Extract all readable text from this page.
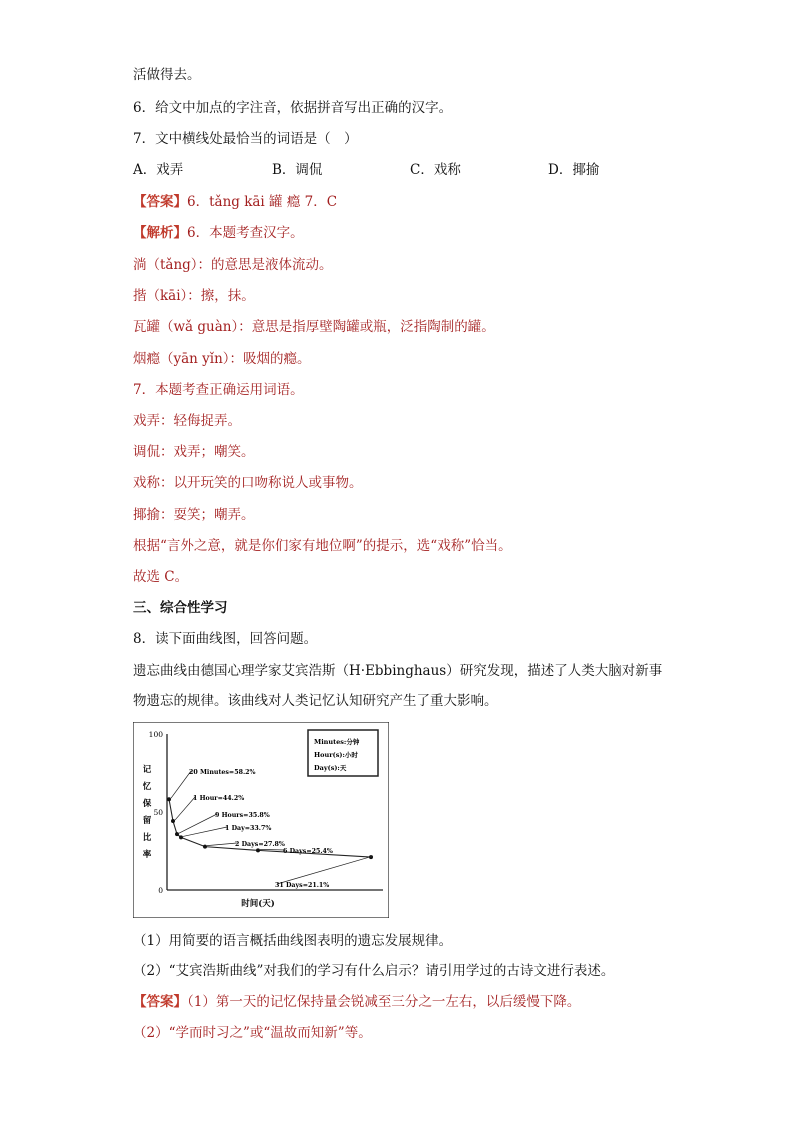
活做得去。
6．给文中加点的字注音，依据拼音写出正确的汉字。
7．文中横线处最恰当的词语是（　）
A．戏弄	B．调侃	C．戏称	D．揶揄
【答案】6．tǎng kāi 罐 瘾 7．C
【解析】6．本题考查汉字。
淌（tǎng）：的意思是液体流动。
揩（kāi）：擦，抹。
瓦罐（wǎ guàn）：意思是指厚壁陶罐或瓶，泛指陶制的罐。
烟瘾（yān yǐn）：吸烟的瘾。
7．本题考查正确运用词语。
戏弄：轻侮捉弄。
调侃：戏弄；嘲笑。
戏称：以开玩笑的口吻称说人或事物。
揶揄：耍笑；嘲弄。
根据“言外之意，就是你们家有地位啊”的提示，选“戏称”恰当。
故选 C。
三、综合性学习
8．读下面曲线图，回答问题。
遗忘曲线由德国心理学家艾宾浩斯（H·Ebbinghaus）研究发现，描述了人类大脑对新事
物遗忘的规律。该曲线对人类记忆认知研究产生了重大影响。
100
50
0
记
忆
保
留
比
率
时间(天)
Minutes:分钟
Hour(s):小时
Day(s):天
20 Minutes=58.2%
1 Hour=44.2%
9 Hours=35.8%
1 Day=33.7%
2 Days=27.8%
6 Days=25.4%
31 Days=21.1%
（1）用简要的语言概括曲线图表明的遗忘发展规律。
（2）“艾宾浩斯曲线”对我们的学习有什么启示？请引用学过的古诗文进行表述。
【答案】（1）第一天的记忆保持量会锐减至三分之一左右，以后缓慢下降。
（2）“学而时习之”或“温故而知新”等。
